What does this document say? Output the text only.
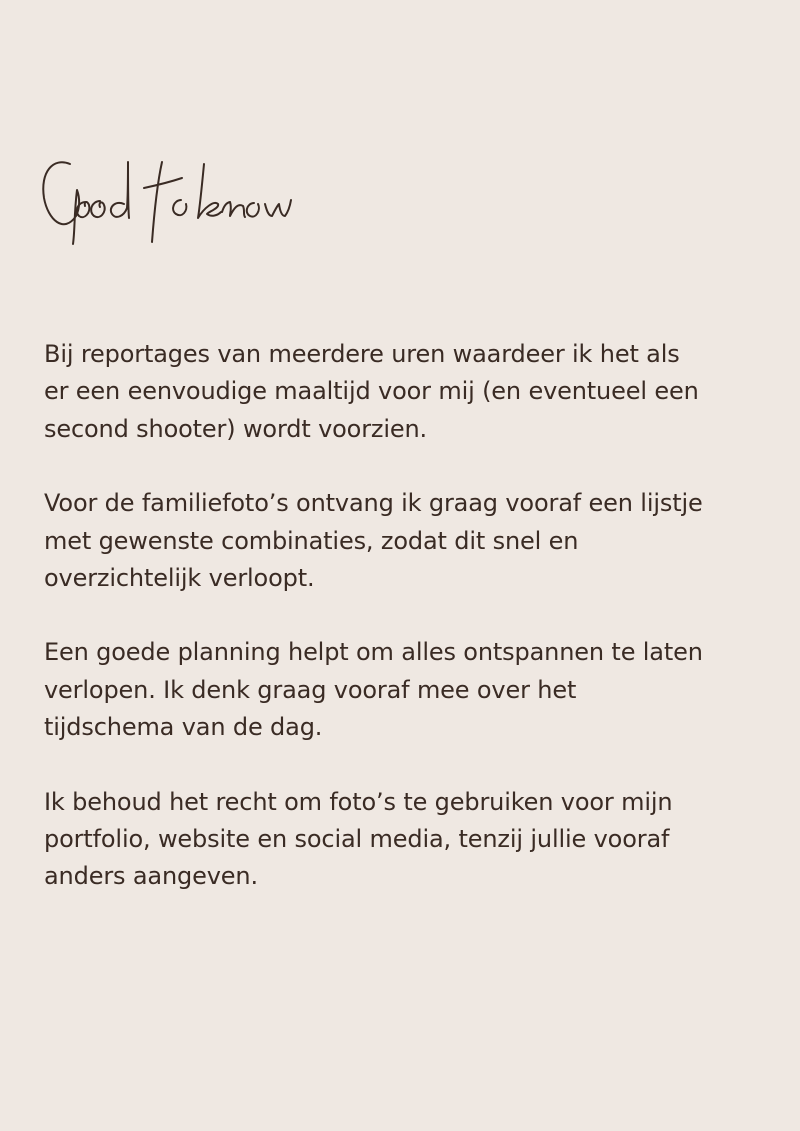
Bij reportages van meerdere uren waardeer ik het als er een eenvoudige maaltijd voor mij (en eventueel een second shooter) wordt voorzien.

Voor de familiefoto’s ontvang ik graag vooraf een lijstje met gewenste combinaties, zodat dit snel en overzichtelijk verloopt.

Een goede planning helpt om alles ontspannen te laten verlopen. Ik denk graag vooraf mee over het tijdschema van de dag.

Ik behoud het recht om foto’s te gebruiken voor mijn portfolio, website en social media, tenzij jullie vooraf anders aangeven.
